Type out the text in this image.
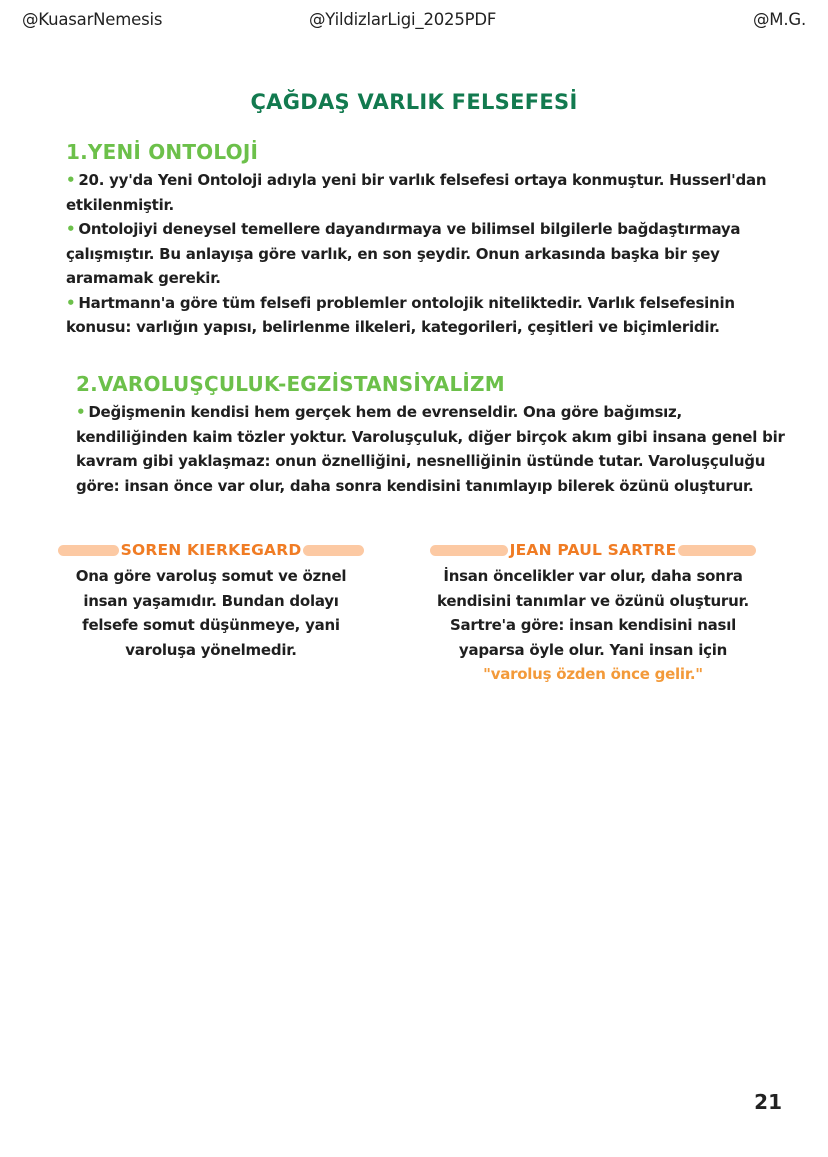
@KuasarNemesis	@YildizlarLigi_2025PDF	@M.G.
ÇAĞDAŞ VARLIK FELSEFESİ
1.YENİ ONTOLOJİ

• 20. yy'da Yeni Ontoloji adıyla yeni bir varlık felsefesi ortaya konmuştur. Husserl'dan etkilenmiştir.

• Ontolojiyi deneysel temellere dayandırmaya ve bilimsel bilgilerle bağdaştırmaya çalışmıştır. Bu anlayışa göre varlık, en son şeydir. Onun arkasında başka bir şey aramamak gerekir.

• Hartmann'a göre tüm felsefi problemler ontolojik niteliktedir. Varlık felsefesinin konusu: varlığın yapısı, belirlenme ilkeleri, kategorileri, çeşitleri ve biçimleridir.

2.VAROLUŞÇULUK-EGZİSTANSİYALİZM

• Değişmenin kendisi hem gerçek hem de evrenseldir. Ona göre bağımsız, kendiliğinden kaim tözler yoktur. Varoluşçuluk, diğer birçok akım gibi insana genel bir kavram gibi yaklaşmaz: onun öznelliğini, nesnelliğinin üstünde tutar. Varoluşçuluğu göre: insan önce var olur, daha sonra kendisini tanımlayıp bilerek özünü oluşturur.

SOREN KIERKEGARD
Ona göre varoluş somut ve öznel insan yaşamıdır. Bundan dolayı felsefe somut düşünmeye, yani varoluşa yönelmedir.
JEAN PAUL SARTRE
İnsan öncelikler var olur, daha sonra kendisini tanımlar ve özünü oluşturur. Sartre'a göre: insan kendisini nasıl yaparsa öyle olur. Yani insan için
"varoluş özden önce gelir."
21
